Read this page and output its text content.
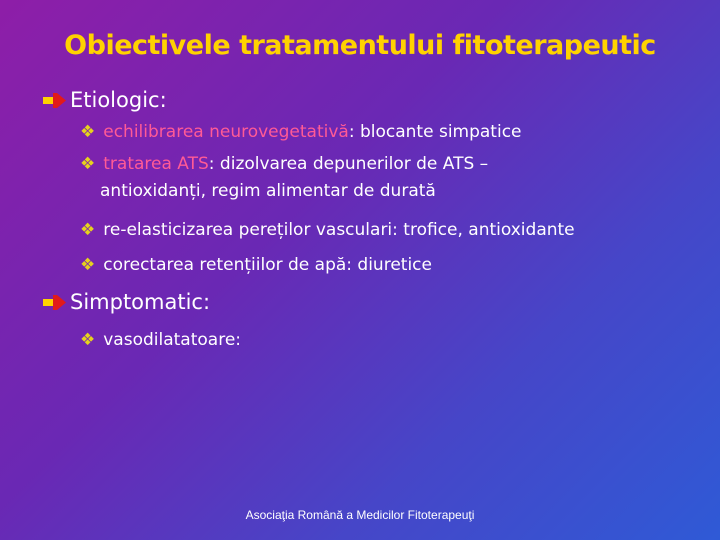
Obiectivele tratamentului fitoterapeutic
Etiologic:
❖ echilibrarea neurovegetativă: blocante simpatice
❖ tratarea ATS: dizolvarea depunerilor de ATS –
antioxidanți, regim alimentar de durată
❖ re-elasticizarea pereților vasculari: trofice, antioxidante
❖ corectarea retențiilor de apă: diuretice
Simptomatic:
❖ vasodilatatoare:
Asociaţia Română a Medicilor Fitoterapeuţi
